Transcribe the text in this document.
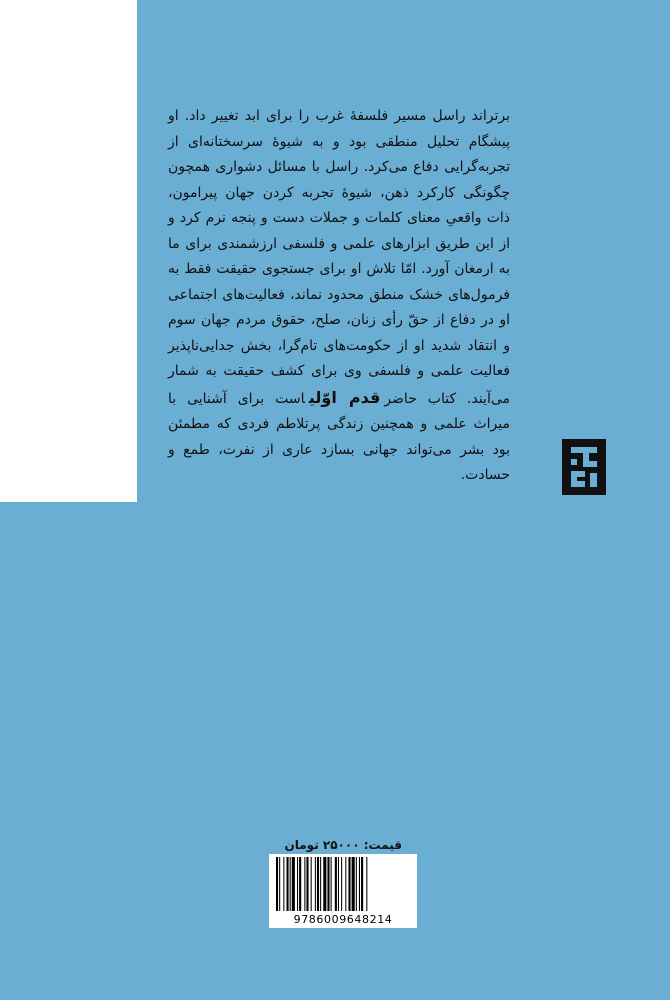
برتراند راسل مسیر فلسفهٔ غرب را برای ابد تغییر داد. او پیشگام تحلیل منطقی بود و به شیوهٔ سرسختانه‌ای از تجربه‌گرایی دفاع می‌کرد. راسل با مسائل دشواری همچون چگونگی کارکرد ذهن، شیوهٔ تجربه کردن جهان پیرامون، ذات واقعیِ معنای کلمات و جملات دست و پنجه نرم کرد و از این طریق ابزارهای علمی و فلسفی ارزشمندی برای ما به ارمغان آورد. امّا تلاش او برای جستجوی حقیقت فقط به فرمول‌های خشک منطق محدود نماند، فعالیت‌های اجتماعی او در دفاع از حقّ رأی زنان، صلح، حقوق مردم جهان سوم و انتقاد شدید او از حکومت‌های تام‌گرا، بخش جدایی‌ناپذیر فعالیت علمی و فلسفی وی برای کشف حقیقت به شمار می‌آیند. کتاب حاضرقدم اوّلیاست برای آشنایی با میراث علمی و همچنین زندگی پرتلاطم فردی که مطمئن بود بشر می‌تواند جهانی بسازد عاری از نفرت، طمع و حسادت.

قیمت: ۲۵۰۰۰ تومان
9786009648214
